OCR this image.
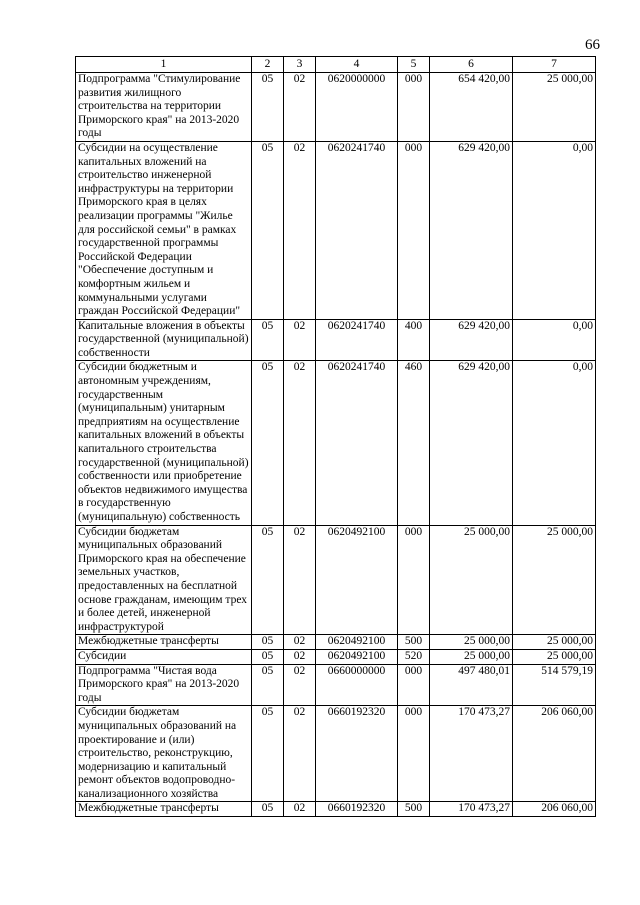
66
1	2	3	4	5	6	7
Подпрограмма "Стимулирование развития жилищного строительства на территории Приморского края" на 2013-2020 годы	05	02	0620000000	000	654 420,00	25 000,00
Субсидии на осуществление капитальных вложений на строительство инженерной инфраструктуры на территории Приморского края в целях реализации программы "Жилье для российской семьи" в рамках государственной программы Российской Федерации "Обеспечение доступным и комфортным жильем и коммунальными услугами граждан Российской Федерации"	05	02	0620241740	000	629 420,00	0,00
Капитальные вложения в объекты государственной (муниципальной) собственности	05	02	0620241740	400	629 420,00	0,00
Субсидии бюджетным и автономным учреждениям, государственным (муниципальным) унитарным предприятиям на осуществление капитальных вложений в объекты капитального строительства государственной (муниципальной) собственности или приобретение объектов недвижимого имущества в государственную (муниципальную) собственность	05	02	0620241740	460	629 420,00	0,00
Субсидии бюджетам муниципальных образований Приморского края на обеспечение земельных участков, предоставленных на бесплатной основе гражданам, имеющим трех и более детей, инженерной инфраструктурой	05	02	0620492100	000	25 000,00	25 000,00
Межбюджетные трансферты	05	02	0620492100	500	25 000,00	25 000,00
Субсидии	05	02	0620492100	520	25 000,00	25 000,00
Подпрограмма "Чистая вода Приморского края" на 2013-2020 годы	05	02	0660000000	000	497 480,01	514 579,19
Субсидии бюджетам муниципальных образований на проектирование и (или) строительство, реконструкцию, модернизацию и капитальный ремонт объектов водопроводно-канализационного хозяйства	05	02	0660192320	000	170 473,27	206 060,00
Межбюджетные трансферты	05	02	0660192320	500	170 473,27	206 060,00
